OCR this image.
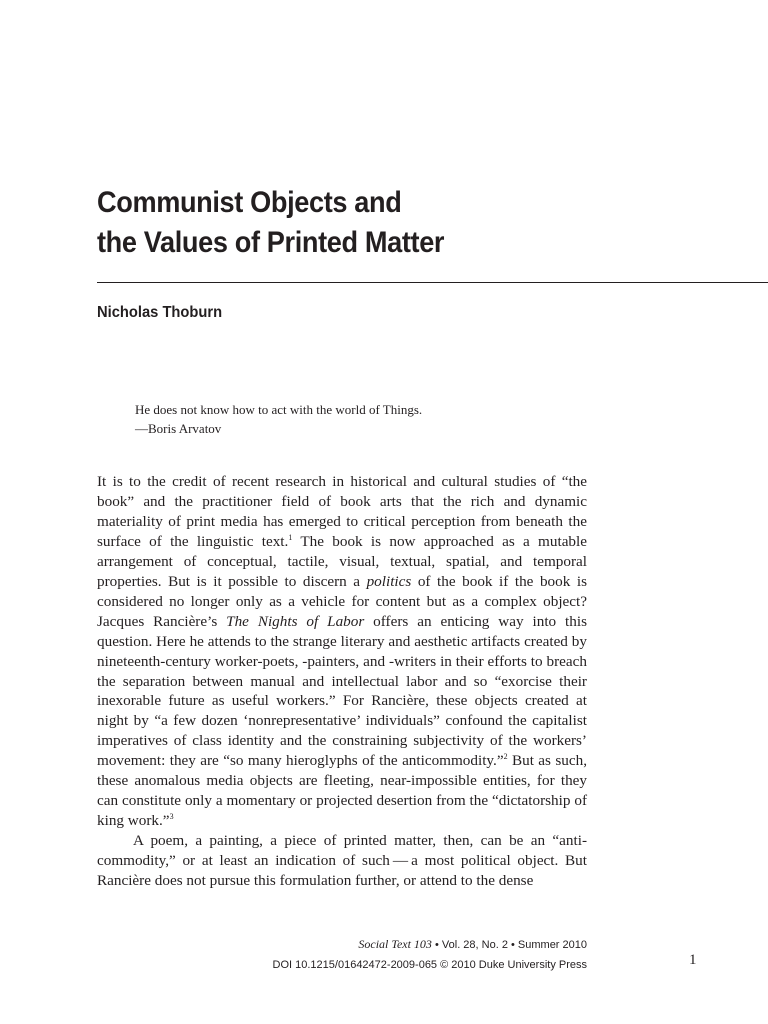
Communist Objects and
the Values of Printed Matter
Nicholas Thoburn
He does not know how to act with the world of Things.
—Boris Arvatov

It is to the credit of recent research in historical and cultural studies of “the book” and the practitioner field of book arts that the rich and dynamic materiality of print media has emerged to critical perception from beneath the surface of the linguistic text.$^1$ The book is now approached as a mutable arrangement of conceptual, tactile, visual, textual, spatial, and temporal properties. But is it possible to discern a politics of the book if the book is considered no longer only as a vehicle for content but as a complex object? Jacques Rancière’s The Nights of Labor offers an enticing way into this question. Here he attends to the strange literary and aesthetic artifacts created by nineteenth-century worker-poets, -painters, and -writers in their efforts to breach the separation between manual and intellectual labor and so “exorcise their inexorable future as useful workers.” For Rancière, these objects created at night by “a few dozen ‘nonrepresentative’ individuals” confound the capitalist imperatives of class identity and the constraining subjectivity of the workers’ movement: they are “so many hieroglyphs of the anticommodity.”$^2$ But as such, these anomalous media objects are fleeting, near-impossible entities, for they can constitute only a momentary or projected desertion from the “dictatorship of king work.”$^3$

A poem, a painting, a piece of printed matter, then, can be an “anticommodity,” or at least an indication of such — a most political object. But Rancière does not pursue this formulation further, or attend to the dense

Social Text 103 • Vol. 28, No. 2 • Summer 2010
DOI 10.1215/01642472-2009-065 © 2010 Duke University Press	1
